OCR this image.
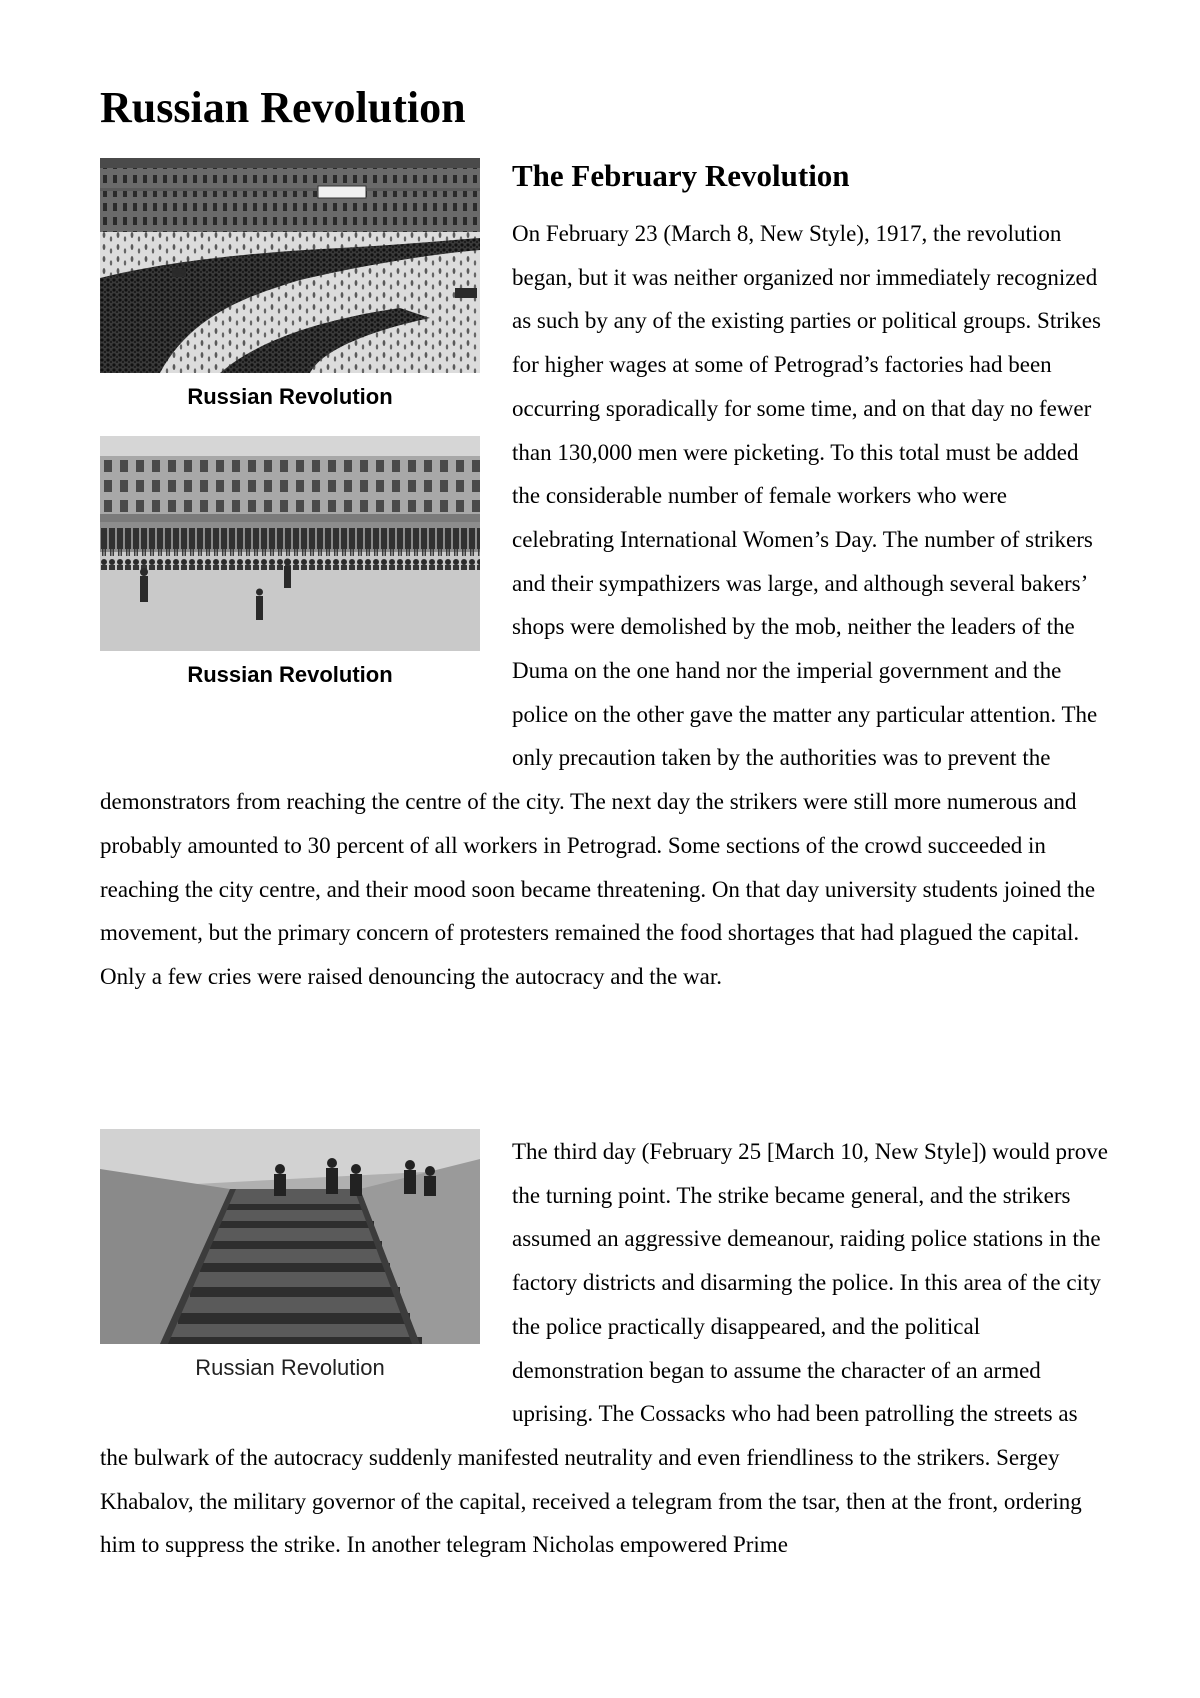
Russian Revolution
Russian Revolution
Russian Revolution
The February Revolution

On February 23 (March 8, New Style), 1917, the revolution began, but it was neither organized nor immediately recognized as such by any of the existing parties or political groups. Strikes for higher wages at some of Petrograd’s factories had been occurring sporadically for some time, and on that day no fewer than 130,000 men were picketing. To this total must be added the considerable number of female workers who were celebrating International Women’s Day. The number of strikers and their sympathizers was large, and although several bakers’ shops were demolished by the mob, neither the leaders of the Duma on the one hand nor the imperial government and the police on the other gave the matter any particular attention. The only precaution taken by the authorities was to prevent the demonstrators from reaching the centre of the city. The next day the strikers were still more numerous and probably amounted to 30 percent of all workers in Petrograd. Some sections of the crowd succeeded in reaching the city centre, and their mood soon became threatening. On that day university students joined the movement, but the primary concern of protesters remained the food shortages that had plagued the capital. Only a few cries were raised denouncing the autocracy and the war.

Russian Revolution

The third day (February 25 [March 10, New Style]) would prove the turning point. The strike became general, and the strikers assumed an aggressive demeanour, raiding police stations in the factory districts and disarming the police. In this area of the city the police practically disappeared, and the political demonstration began to assume the character of an armed uprising. The Cossacks who had been patrolling the streets as the bulwark of the autocracy suddenly manifested neutrality and even friendliness to the strikers. Sergey Khabalov, the military governor of the capital, received a telegram from the tsar, then at the front, ordering him to suppress the strike. In another telegram Nicholas empowered Prime
